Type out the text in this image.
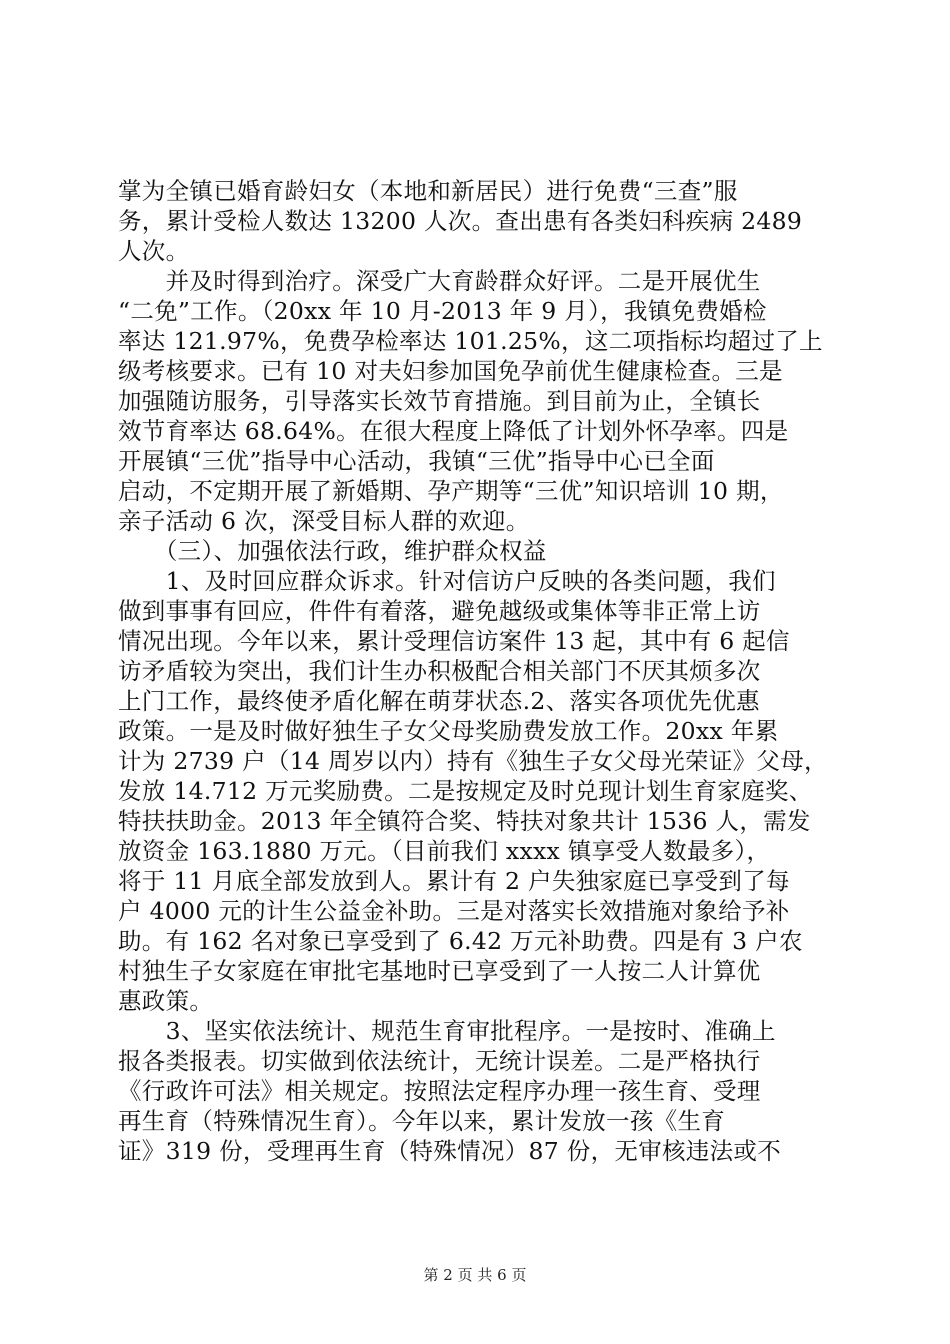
掌为全镇已婚育龄妇女（本地和新居民）进行免费“三查”服
务，累计受检人数达 13200 人次。查出患有各类妇科疾病 2489
人次。
　　并及时得到治疗。深受广大育龄群众好评。二是开展优生
“二免”工作。（20xx 年 10 月-2013 年 9 月），我镇免费婚检
率达 121.97%，免费孕检率达 101.25%，这二项指标均超过了上
级考核要求。已有 10 对夫妇参加国免孕前优生健康检查。三是
加强随访服务，引导落实长效节育措施。到目前为止，全镇长
效节育率达 68.64%。在很大程度上降低了计划外怀孕率。四是
开展镇“三优”指导中心活动，我镇“三优”指导中心已全面
启动，不定期开展了新婚期、孕产期等“三优”知识培训 10 期，
亲子活动 6 次，深受目标人群的欢迎。
　　（三）、加强依法行政，维护群众权益
　　1、及时回应群众诉求。针对信访户反映的各类问题，我们
做到事事有回应，件件有着落，避免越级或集体等非正常上访
情况出现。今年以来，累计受理信访案件 13 起，其中有 6 起信
访矛盾较为突出，我们计生办积极配合相关部门不厌其烦多次
上门工作，最终使矛盾化解在萌芽状态.2、落实各项优先优惠
政策。一是及时做好独生子女父母奖励费发放工作。20xx 年累
计为 2739 户（14 周岁以内）持有《独生子女父母光荣证》父母，
发放 14.712 万元奖励费。二是按规定及时兑现计划生育家庭奖、
特扶扶助金。2013 年全镇符合奖、特扶对象共计 1536 人，需发
放资金 163.1880 万元。（目前我们 xxxx 镇享受人数最多），
将于 11 月底全部发放到人。累计有 2 户失独家庭已享受到了每
户 4000 元的计生公益金补助。三是对落实长效措施对象给予补
助。有 162 名对象已享受到了 6.42 万元补助费。四是有 3 户农
村独生子女家庭在审批宅基地时已享受到了一人按二人计算优
惠政策。
　　3、坚实依法统计、规范生育审批程序。一是按时、准确上
报各类报表。切实做到依法统计，无统计误差。二是严格执行
《行政许可法》相关规定。按照法定程序办理一孩生育、受理
再生育（特殊情况生育）。今年以来，累计发放一孩《生育
证》319 份，受理再生育（特殊情况）87 份，无审核违法或不
第 2 页 共 6 页
